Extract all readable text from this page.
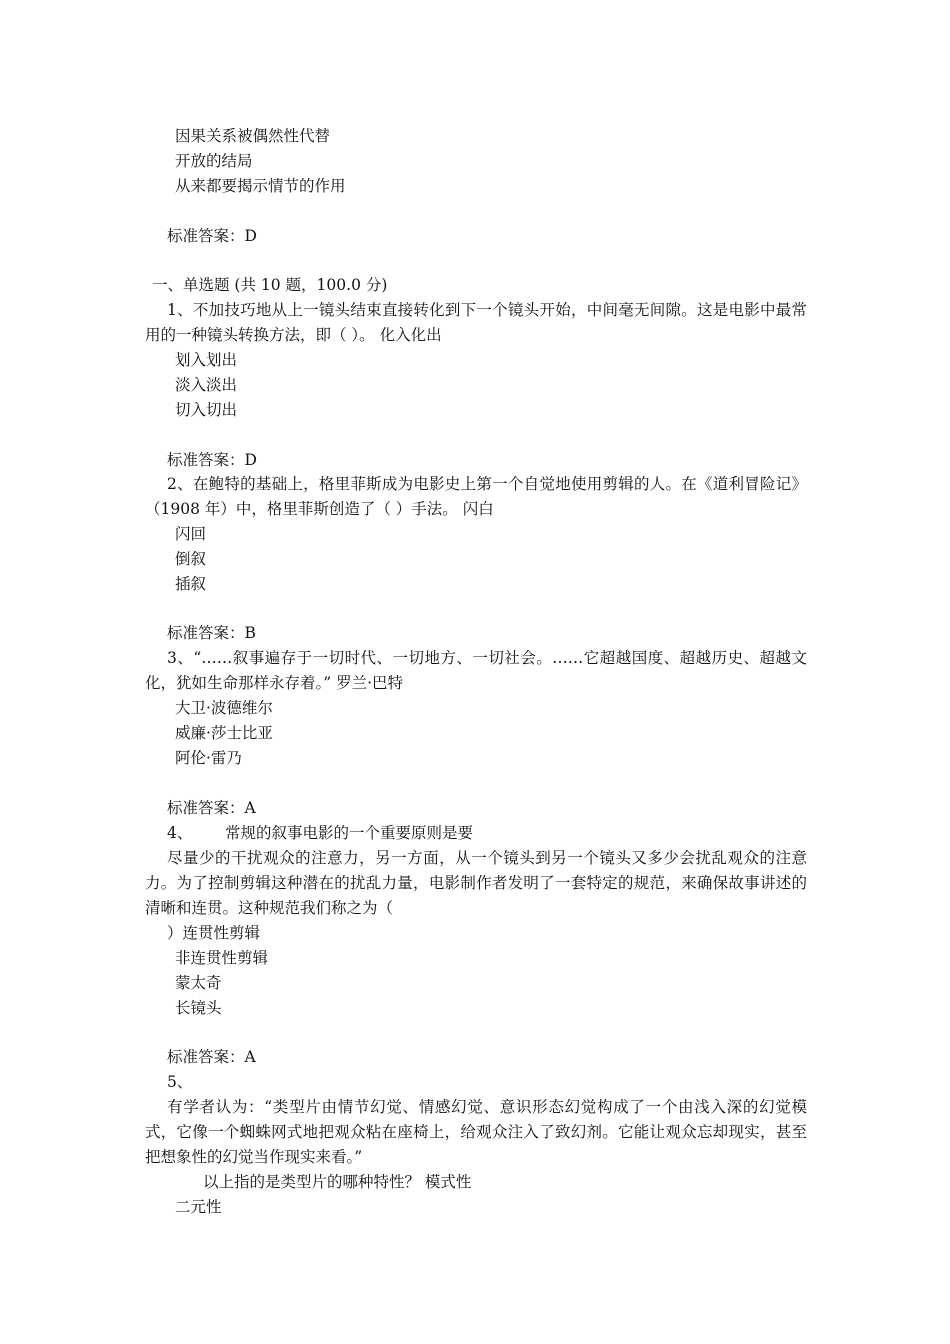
因果关系被偶然性代替
开放的结局
从来都要揭示情节的作用
标准答案：D
一、单选题 (共 10 题，100.0 分)
1、不加技巧地从上一镜头结束直接转化到下一个镜头开始，中间毫无间隙。这是电影中最常用的一种镜头转换方法，即（ ）。 化入化出
划入划出
淡入淡出
切入切出
标准答案：D
2、在鲍特的基础上，格里菲斯成为电影史上第一个自觉地使用剪辑的人。在《道利冒险记》（1908 年）中，格里菲斯创造了（ ）手法。 闪白
闪回
倒叙
插叙
标准答案：B
3、“……叙事遍存于一切时代、一切地方、一切社会。……它超越国度、超越历史、超越文化，犹如生命那样永存着。” 罗兰·巴特
大卫·波德维尔
威廉·莎士比亚
阿伦·雷乃
标准答案：A
4、 常规的叙事电影的一个重要原则是要
尽量少的干扰观众的注意力，另一方面，从一个镜头到另一个镜头又多少会扰乱观众的注意力。为了控制剪辑这种潜在的扰乱力量，电影制作者发明了一套特定的规范，来确保故事讲述的清晰和连贯。这种规范我们称之为（
）连贯性剪辑
非连贯性剪辑
蒙太奇
长镜头
标准答案：A
5、
有学者认为：“类型片由情节幻觉、情感幻觉、意识形态幻觉构成了一个由浅入深的幻觉模式，它像一个蜘蛛网式地把观众粘在座椅上，给观众注入了致幻剂。它能让观众忘却现实，甚至把想象性的幻觉当作现实来看。”
以上指的是类型片的哪种特性？ 模式性
二元性
